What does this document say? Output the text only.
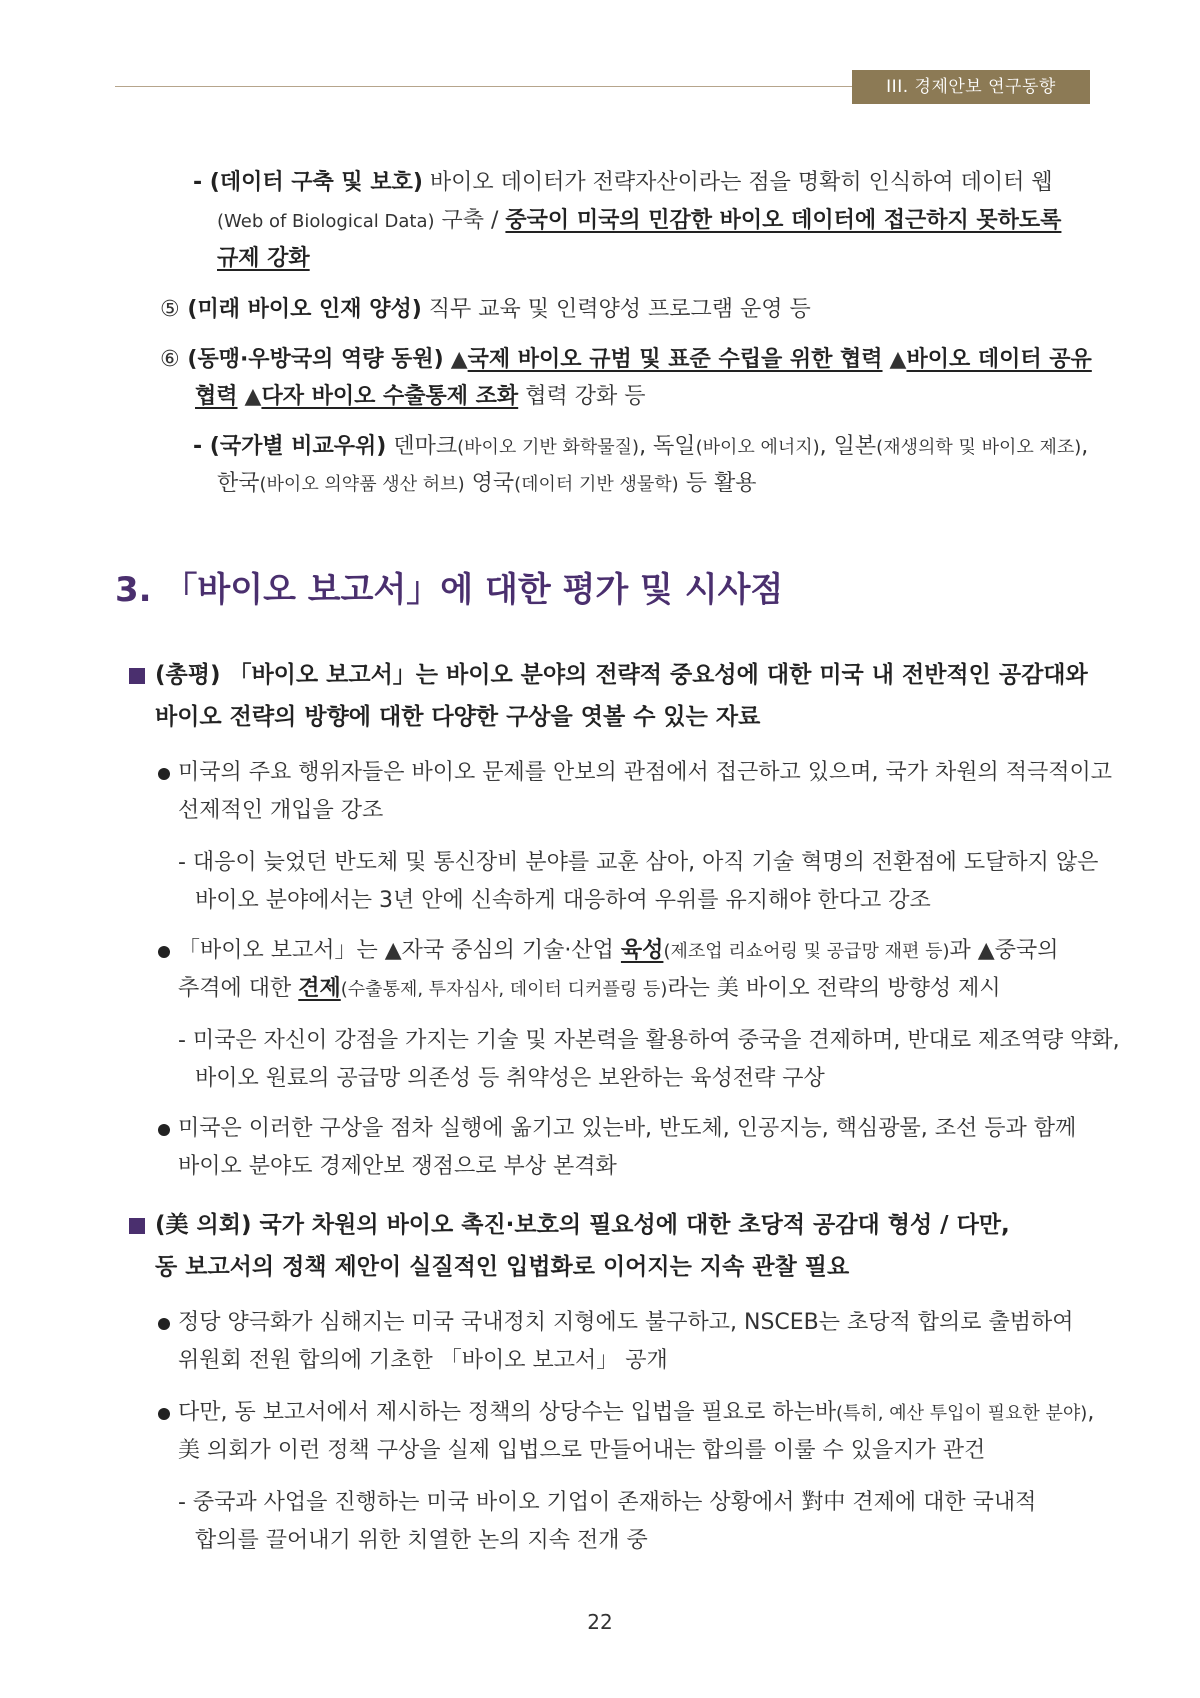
III. 경제안보 연구동향
- (데이터 구축 및 보호) 바이오 데이터가 전략자산이라는 점을 명확히 인식하여 데이터 웹
(Web of Biological Data) 구축 / 중국이 미국의 민감한 바이오 데이터에 접근하지 못하도록
규제 강화
⑤ (미래 바이오 인재 양성) 직무 교육 및 인력양성 프로그램 운영 등
⑥ (동맹·우방국의 역량 동원) ▲국제 바이오 규범 및 표준 수립을 위한 협력 ▲바이오 데이터 공유
협력 ▲다자 바이오 수출통제 조화 협력 강화 등
- (국가별 비교우위) 덴마크(바이오 기반 화학물질), 독일(바이오 에너지), 일본(재생의학 및 바이오 제조),
한국(바이오 의약품 생산 허브) 영국(데이터 기반 생물학) 등 활용
3. 「바이오 보고서」에 대한 평가 및 시사점
(총평) 「바이오 보고서」는 바이오 분야의 전략적 중요성에 대한 미국 내 전반적인 공감대와
바이오 전략의 방향에 대한 다양한 구상을 엿볼 수 있는 자료
미국의 주요 행위자들은 바이오 문제를 안보의 관점에서 접근하고 있으며, 국가 차원의 적극적이고
선제적인 개입을 강조
- 대응이 늦었던 반도체 및 통신장비 분야를 교훈 삼아, 아직 기술 혁명의 전환점에 도달하지 않은
바이오 분야에서는 3년 안에 신속하게 대응하여 우위를 유지해야 한다고 강조
「바이오 보고서」는 ▲자국 중심의 기술·산업 육성(제조업 리쇼어링 및 공급망 재편 등)과 ▲중국의
추격에 대한 견제(수출통제, 투자심사, 데이터 디커플링 등)라는 美 바이오 전략의 방향성 제시
- 미국은 자신이 강점을 가지는 기술 및 자본력을 활용하여 중국을 견제하며, 반대로 제조역량 약화,
바이오 원료의 공급망 의존성 등 취약성은 보완하는 육성전략 구상
미국은 이러한 구상을 점차 실행에 옮기고 있는바, 반도체, 인공지능, 핵심광물, 조선 등과 함께
바이오 분야도 경제안보 쟁점으로 부상 본격화
(美 의회) 국가 차원의 바이오 촉진·보호의 필요성에 대한 초당적 공감대 형성 / 다만,
동 보고서의 정책 제안이 실질적인 입법화로 이어지는 지속 관찰 필요
정당 양극화가 심해지는 미국 국내정치 지형에도 불구하고, NSCEB는 초당적 합의로 출범하여
위원회 전원 합의에 기초한 「바이오 보고서」 공개
다만, 동 보고서에서 제시하는 정책의 상당수는 입법을 필요로 하는바(특히, 예산 투입이 필요한 분야),
美 의회가 이런 정책 구상을 실제 입법으로 만들어내는 합의를 이룰 수 있을지가 관건
- 중국과 사업을 진행하는 미국 바이오 기업이 존재하는 상황에서 對中 견제에 대한 국내적
합의를 끌어내기 위한 치열한 논의 지속 전개 중
22
